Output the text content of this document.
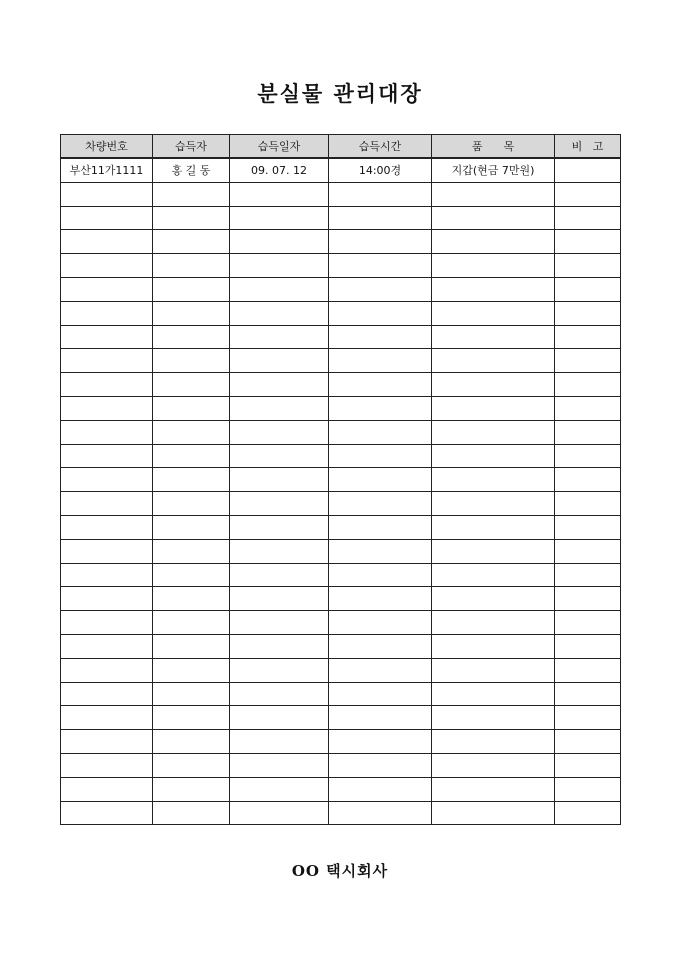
분실물 관리대장
차량번호	습득자	습득일자	습득시간	품      목	비   고
부산11가1111	홍 길 동	09. 07. 12	14:00경	지갑(현금 7만원)	

OO 택시회사
